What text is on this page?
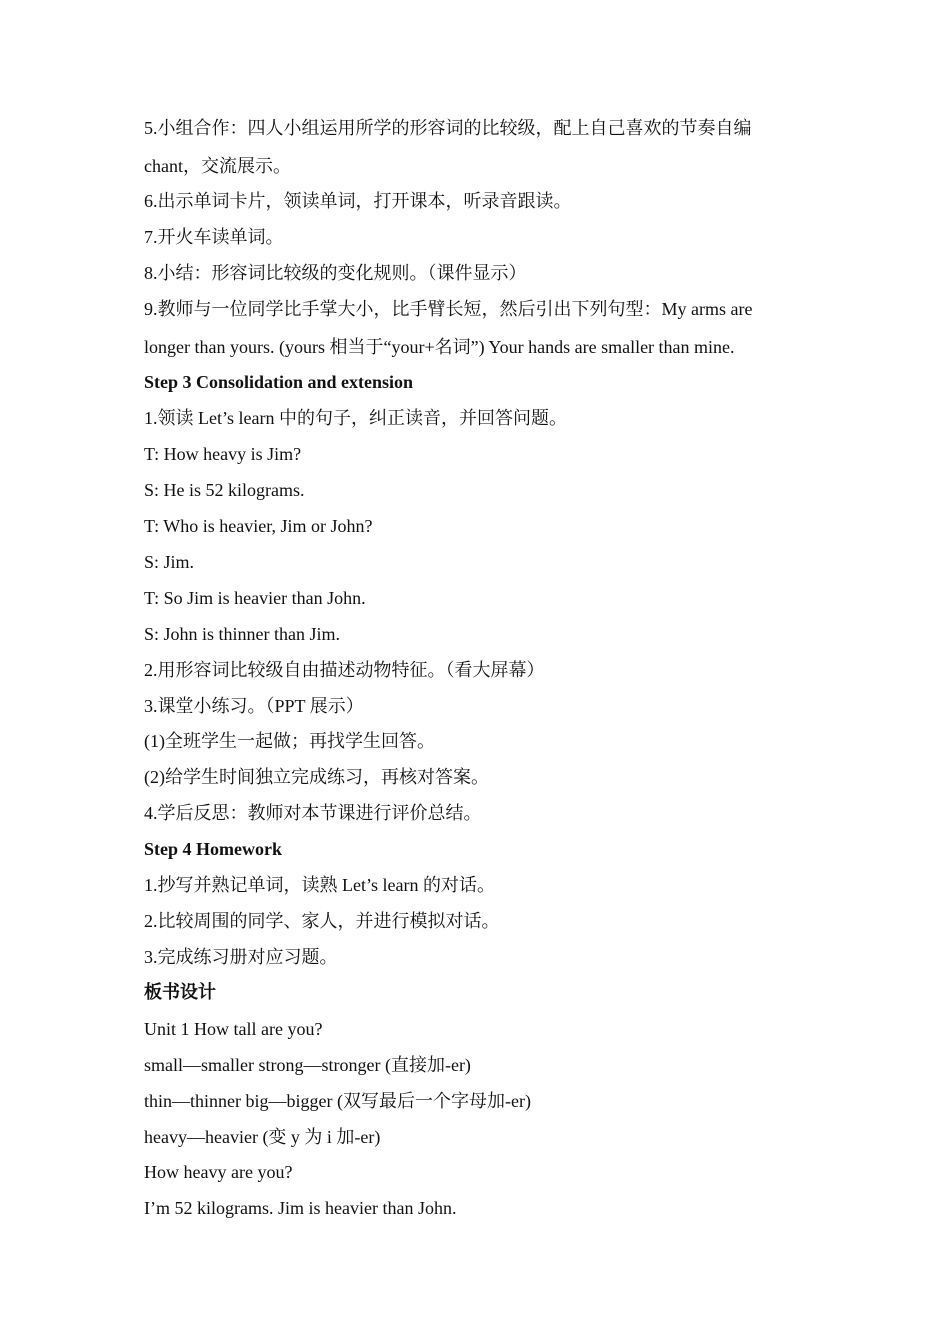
5.小组合作：四人小组运用所学的形容词的比较级，配上自己喜欢的节奏自编
chant，交流展示。
6.出示单词卡片，领读单词，打开课本，听录音跟读。
7.开火车读单词。
8.小结：形容词比较级的变化规则。（课件显示）
9.教师与一位同学比手掌大小，比手臂长短，然后引出下列句型：My arms are
longer than yours. (yours 相当于“your+名词”) Your hands are smaller than mine.
Step 3 Consolidation and extension
1.领读 Let’s learn 中的句子，纠正读音，并回答问题。
T: How heavy is Jim?
S: He is 52 kilograms.
T: Who is heavier, Jim or John?
S: Jim.
T: So Jim is heavier than John.
S: John is thinner than Jim.
2.用形容词比较级自由描述动物特征。（看大屏幕）
3.课堂小练习。（PPT 展示）
(1)全班学生一起做；再找学生回答。
(2)给学生时间独立完成练习，再核对答案。
4.学后反思：教师对本节课进行评价总结。
Step 4 Homework
1.抄写并熟记单词，读熟 Let’s learn 的对话。
2.比较周围的同学、家人，并进行模拟对话。
3.完成练习册对应习题。
板书设计
Unit 1 How tall are you?
small—smaller strong—stronger (直接加-er)
thin—thinner big—bigger (双写最后一个字母加-er)
heavy—heavier (变 y 为 i 加-er)
How heavy are you?
I’m 52 kilograms. Jim is heavier than John.
